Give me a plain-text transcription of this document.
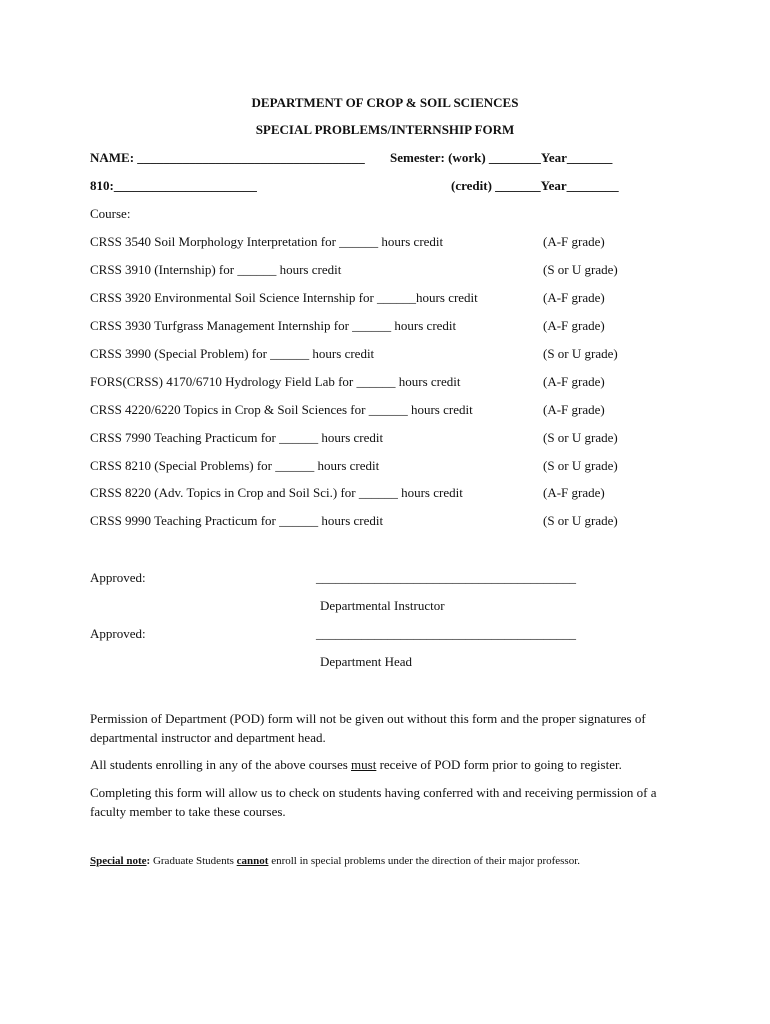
DEPARTMENT OF CROP & SOIL SCIENCES
SPECIAL PROBLEMS/INTERNSHIP FORM
NAME: ___________________________________ Semester: (work) ________Year_______
810:______________________	(credit) _______Year________
Course:
CRSS 3540 Soil Morphology Interpretation for ______ hours credit	(A-F grade)
CRSS 3910 (Internship) for ______ hours credit	(S or U grade)
CRSS 3920 Environmental Soil Science Internship for ______hours credit	(A-F grade)
CRSS 3930 Turfgrass Management Internship for ______ hours credit	(A-F grade)
CRSS 3990 (Special Problem) for ______ hours credit	(S or U grade)
FORS(CRSS) 4170/6710 Hydrology Field Lab for ______ hours credit	(A-F grade)
CRSS 4220/6220 Topics in Crop & Soil Sciences for ______ hours credit	(A-F grade)
CRSS 7990 Teaching Practicum for ______ hours credit	(S or U grade)
CRSS 8210 (Special Problems) for ______ hours credit	(S or U grade)
CRSS 8220 (Adv. Topics in Crop and Soil Sci.) for ______ hours credit	(A-F grade)
CRSS 9990 Teaching Practicum for ______ hours credit	(S or U grade)
Approved:	________________________________________
Departmental Instructor
Approved:	________________________________________
Department Head
Permission of Department (POD) form will not be given out without this form and the proper signatures of departmental instructor and department head.
All students enrolling in any of the above courses must receive of POD form prior to going to register.
Completing this form will allow us to check on students having conferred with and receiving permission of a faculty member to take these courses.
Special note: Graduate Students cannot enroll in special problems under the direction of their major professor.
